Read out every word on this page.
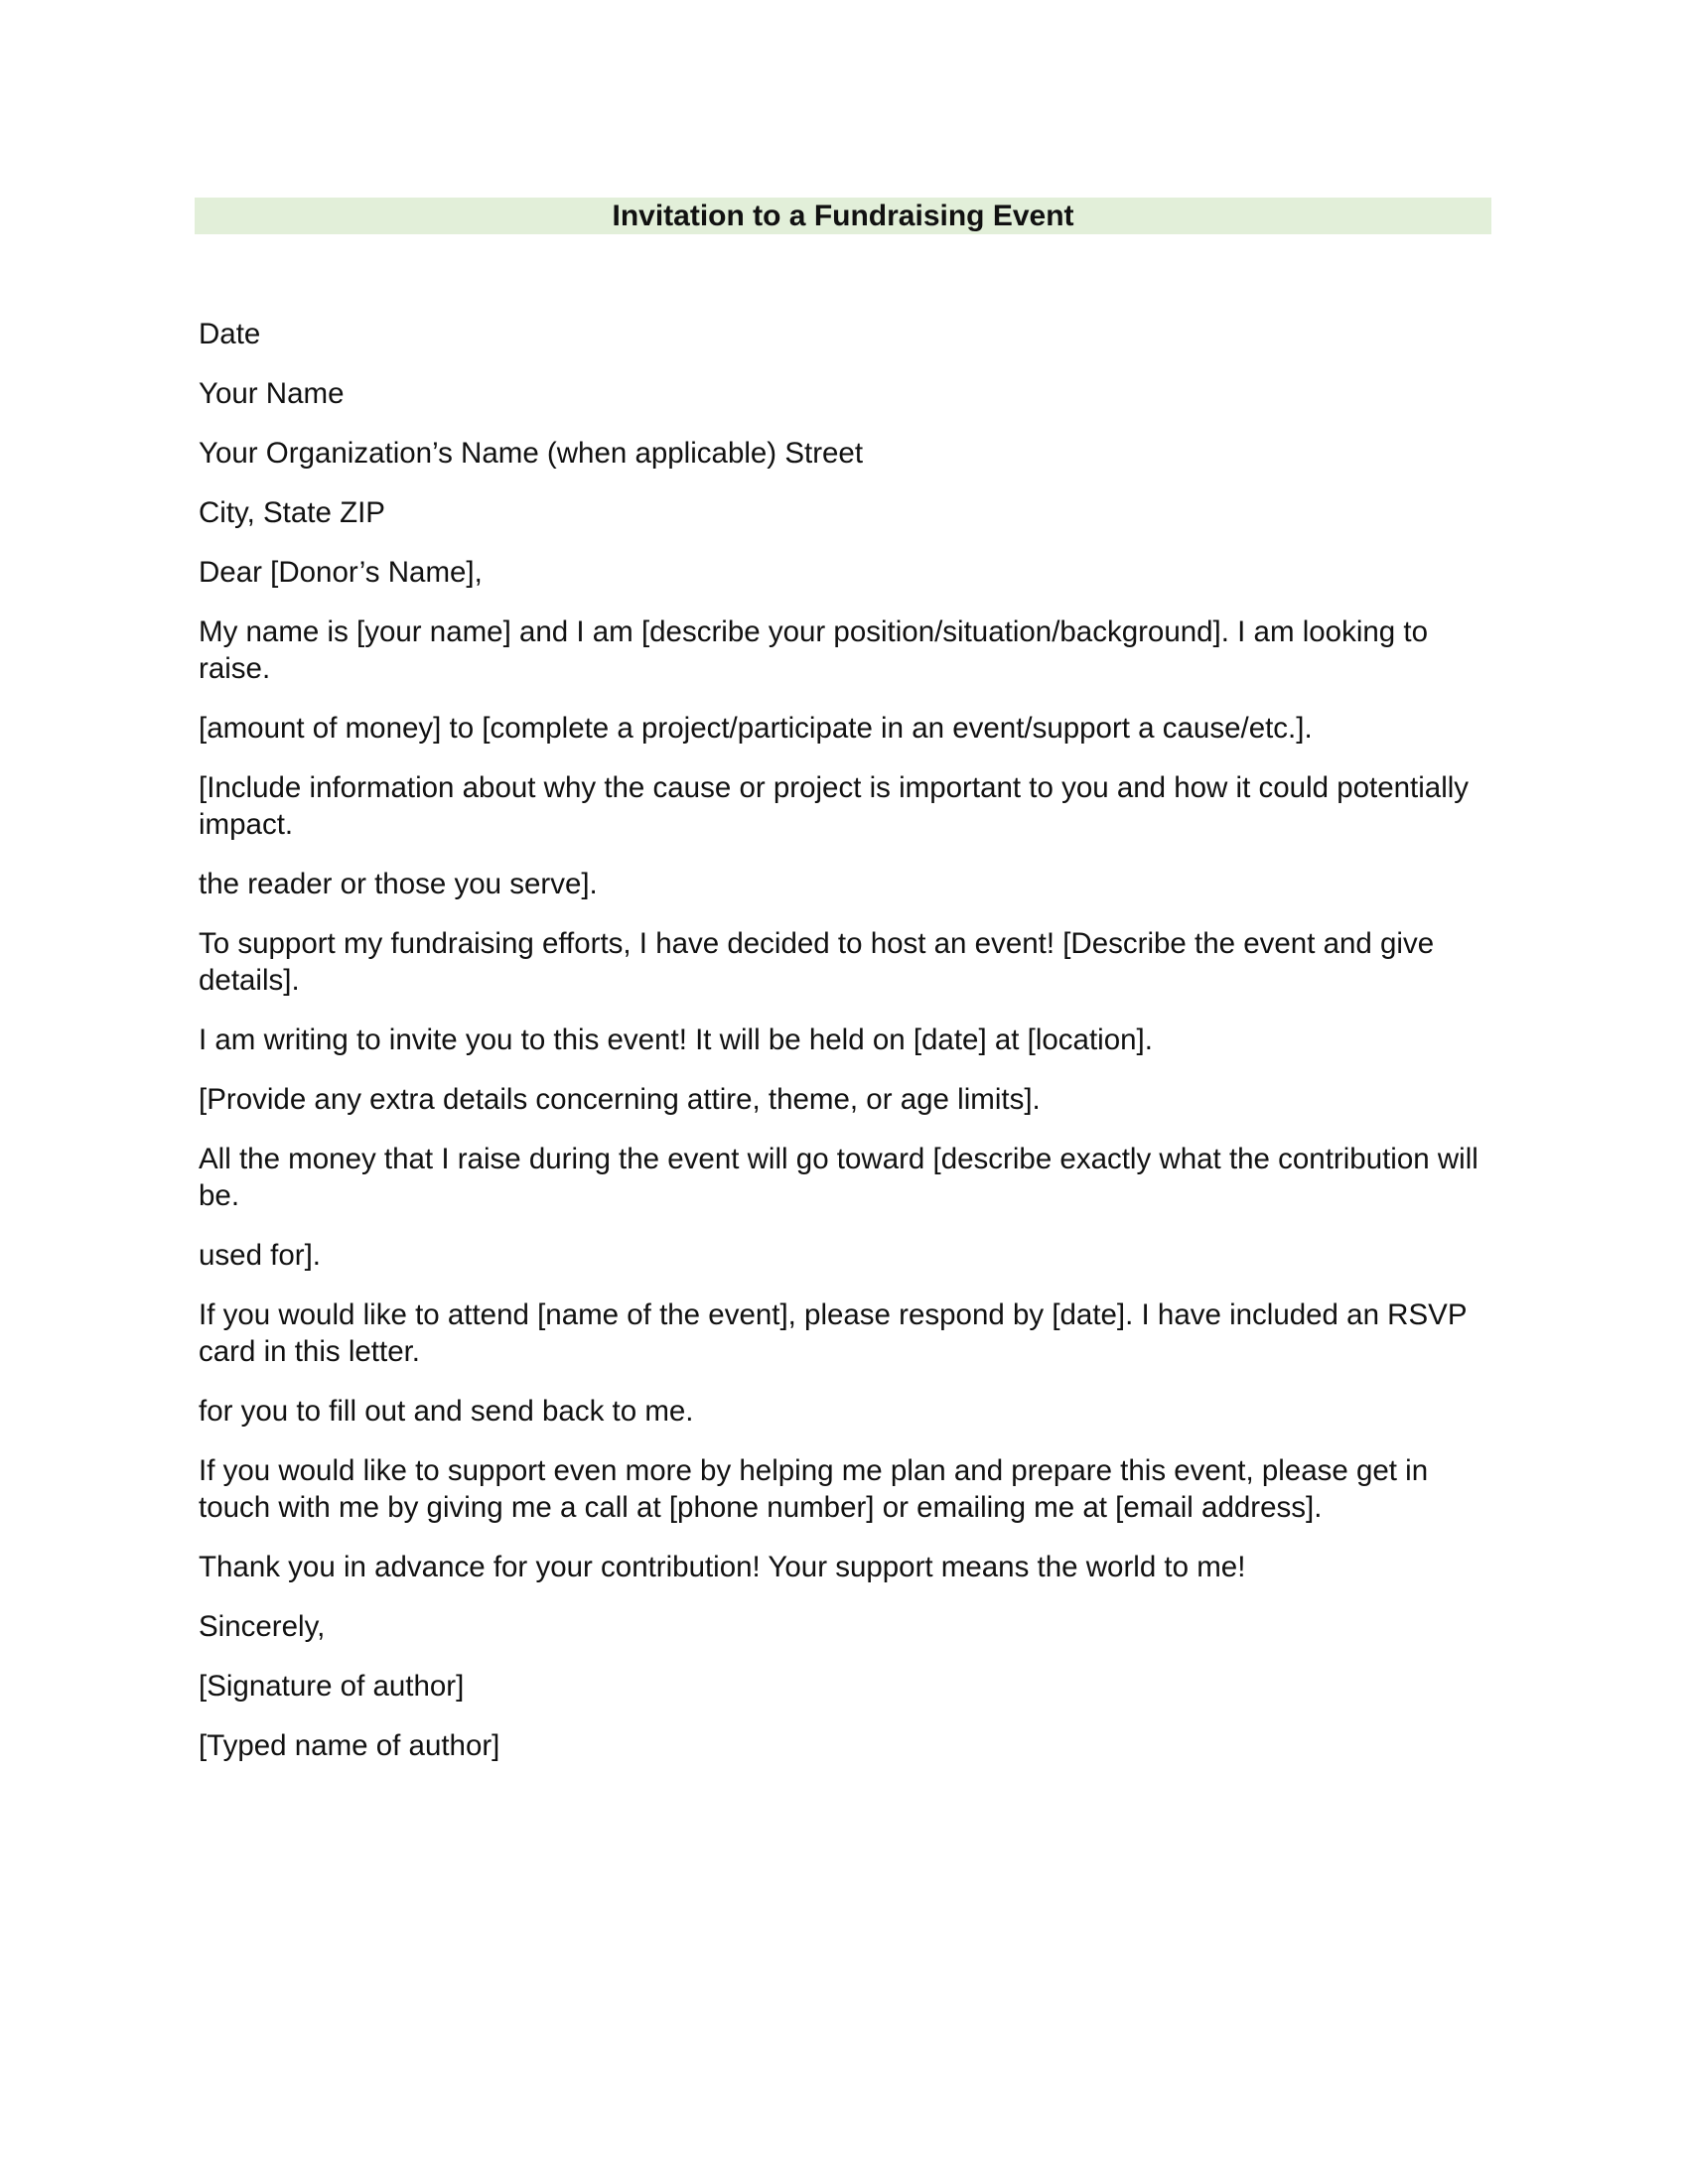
Invitation to a Fundraising Event

Date

Your Name

Your Organization’s Name (when applicable) Street

City, State ZIP

Dear [Donor’s Name],

My name is [your name] and I am [describe your position/situation/background]. I am looking to raise.

[amount of money] to [complete a project/participate in an event/support a cause/etc.].

[Include information about why the cause or project is important to you and how it could potentially impact.

the reader or those you serve].

To support my fundraising efforts, I have decided to host an event! [Describe the event and give details].

I am writing to invite you to this event! It will be held on [date] at [location].

[Provide any extra details concerning attire, theme, or age limits].

All the money that I raise during the event will go toward [describe exactly what the contribution will be.

used for].

If you would like to attend [name of the event], please respond by [date]. I have included an RSVP card in this letter.

for you to fill out and send back to me.

If you would like to support even more by helping me plan and prepare this event, please get in touch with me by giving me a call at [phone number] or emailing me at [email address].

Thank you in advance for your contribution! Your support means the world to me!

Sincerely,

[Signature of author]

[Typed name of author]
